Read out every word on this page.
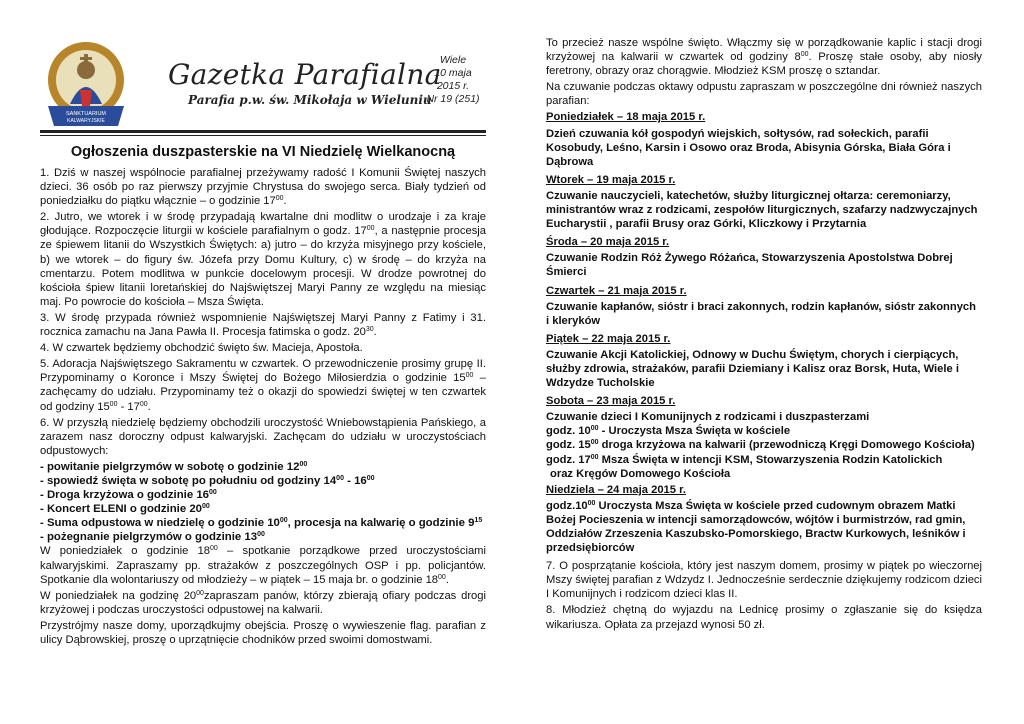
SANKTUARIUM
KALWARYJSKIE
Gazetka Parafialna
Parafia p.w. św. Mikołaja w Wieluniu
Wiele
10 maja
2015 r.
Nr 19 (251)
Ogłoszenia duszpasterskie na VI Niedzielę Wielkanocną

1. Dziś w naszej wspólnocie parafialnej przeżywamy radość I Komunii Świętej naszych dzieci. 36 osób po raz pierwszy przyjmie Chrystusa do swojego serca. Biały tydzień od poniedziałku do piątku włącznie – o godzinie $17^{00}$.

2. Jutro, we wtorek i w środę przypadają kwartalne dni modlitw o urodzaje i za kraje głodujące. Rozpoczęcie liturgii w kościele parafialnym o godz. $17^{00}$, a następnie procesja ze śpiewem litanii do Wszystkich Świętych: a) jutro – do krzyża misyjnego przy kościele, b) we wtorek – do figury św. Józefa przy Domu Kultury, c) w środę – do krzyża na cmentarzu. Potem modlitwa w punkcie docelowym procesji. W drodze powrotnej do kościoła śpiew litanii loretańskiej do Najświętszej Maryi Panny ze względu na miesiąc maj. Po powrocie do kościoła – Msza Święta.

3. W środę przypada również wspomnienie Najświętszej Maryi Panny z Fatimy i 31. rocznica zamachu na Jana Pawła II. Procesja fatimska o godz. $20^{30}$.

4. W czwartek będziemy obchodzić święto św. Macieja, Apostoła.

5. Adoracja Najświętszego Sakramentu w czwartek. O przewodniczenie prosimy grupę II. Przypominamy o Koronce i Mszy Świętej do Bożego Miłosierdzia o godzinie $15^{00}$ – zachęcamy do udziału. Przypominamy też o okazji do spowiedzi świętej w ten czwartek od godziny $15^{00} - 17^{00}$.

6. W przyszłą niedzielę będziemy obchodzili uroczystość Wniebowstąpienia Pańskiego, a zarazem nasz doroczny odpust kalwaryjski. Zachęcam do udziału w uroczystościach odpustowych:

- powitanie pielgrzymów w sobotę o godzinie $12^{00}$

- spowiedź święta w sobotę po południu od godziny $14^{00} - 16^{00}$

- Droga krzyżowa o godzinie $16^{00}$

- Koncert ELENI o godzinie $20^{00}$

- Suma odpustowa w niedzielę o godzinie $10^{00}$, procesja na kalwarię o godzinie $9^{15}$

- pożegnanie pielgrzymów o godzinie $13^{00}$

W poniedziałek o godzinie $18^{00}$ – spotkanie porządkowe przed uroczystościami kalwaryjskimi. Zapraszamy pp. strażaków z poszczególnych OSP i pp. policjantów. Spotkanie dla wolontariuszy od młodzieży – w piątek – 15 maja br. o godzinie $18^{00}$.

W poniedziałek na godzinę $20^{00}zapraszam$ panów, którzy zbierają ofiary podczas drogi krzyżowej i podczas uroczystości odpustowej na kalwarii.

Przystrójmy nasze domy, uporządkujmy obejścia. Proszę o wywieszenie flag. parafian z ulicy Dąbrowskiej, proszę o uprzątnięcie chodników przed swoimi domostwami.

To przecież nasze wspólne święto. Włączmy się w porządkowanie kaplic i stacji drogi krzyżowej na kalwarii w czwartek od godziny $8^{00}$. Proszę stałe osoby, aby niosły feretrony, obrazy oraz chorągwie. Młodzież KSM proszę o sztandar.

Na czuwanie podczas oktawy odpustu zapraszam w poszczególne dni również naszych parafian:

Poniedziałek – 18 maja 2015 r.
Dzień czuwania kół gospodyń wiejskich, sołtysów, rad sołeckich, parafii Kosobudy, Leśno, Karsin i Osowo oraz Broda, Abisynia Górska, Biała Góra i Dąbrowa
Wtorek – 19 maja 2015 r.
Czuwanie nauczycieli, katechetów, służby liturgicznej ołtarza: ceremoniarzy, ministrantów wraz z rodzicami, zespołów liturgicznych, szafarzy nadzwyczajnych Eucharystii , parafii Brusy oraz Górki, Kliczkowy i Przytarnia
Środa – 20 maja 2015 r.
Czuwanie Rodzin Róż Żywego Różańca, Stowarzyszenia Apostolstwa Dobrej Śmierci
Czwartek – 21 maja 2015 r.
Czuwanie kapłanów, sióstr i braci zakonnych, rodzin kapłanów, sióstr zakonnych i kleryków
Piątek – 22 maja 2015 r.
Czuwanie Akcji Katolickiej, Odnowy w Duchu Świętym, chorych i cierpiących, służby zdrowia, strażaków, parafii Dziemiany i Kalisz oraz Borsk, Huta, Wiele i Wdzydze Tucholskie
Sobota – 23 maja 2015 r.
Czuwanie dzieci I Komunijnych z rodzicami i duszpasterzami
godz. $10^{00}$ - Uroczysta Msza Święta w kościele
godz. $15^{00}$ droga krzyżowa na kalwarii (przewodniczą Kręgi Domowego Kościoła)
godz. $17^{00}$ Msza Święta w intencji KSM, Stowarzyszenia Rodzin Katolickich
oraz Kręgów Domowego Kościoła
Niedziela – 24 maja 2015 r.
$godz.10^{00}$ Uroczysta Msza Święta w kościele przed cudownym obrazem Matki Bożej Pocieszenia w intencji samorządowców, wójtów i burmistrzów, rad gmin, Oddziałów Zrzeszenia Kaszubsko-Pomorskiego, Bractw Kurkowych, leśników i przedsiębiorców

7. O posprzątanie kościoła, który jest naszym domem, prosimy w piątek po wieczornej Mszy świętej parafian z Wdzydz I. Jednocześnie serdecznie dziękujemy rodzicom dzieci I Komunijnych i rodzicom dzieci klas II.

8. Młodzież chętną do wyjazdu na Lednicę prosimy o zgłaszanie się do księdza wikariusza. Opłata za przejazd wynosi 50 zł.
